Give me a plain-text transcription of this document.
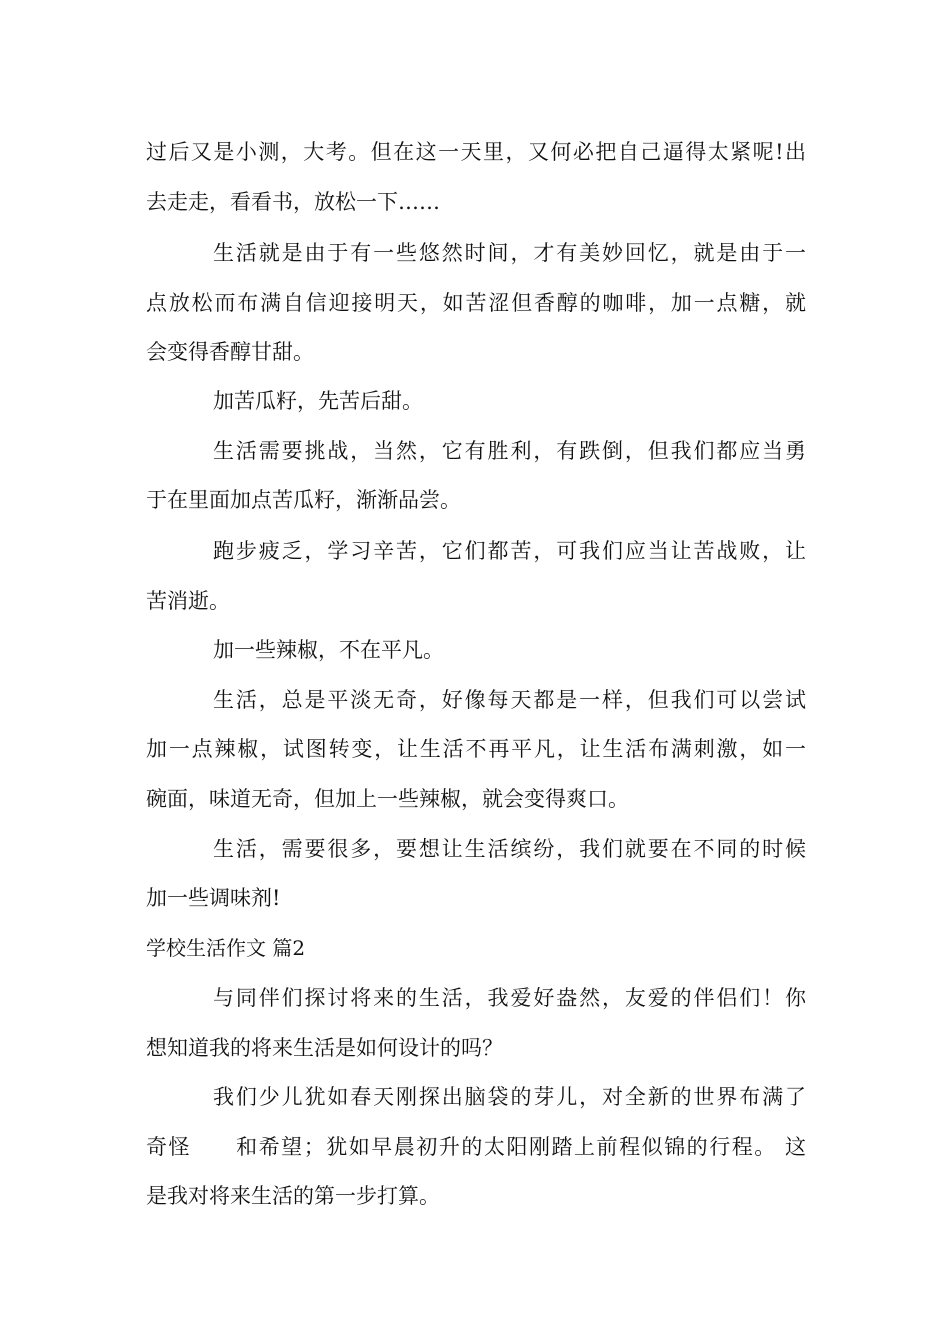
过后又是小测，大考。但在这一天里，又何必把自己逼得太紧呢!出
去走走，看看书，放松一下……
生活就是由于有一些悠然时间，才有美妙回忆，就是由于一
点放松而布满自信迎接明天，如苦涩但香醇的咖啡，加一点糖，就
会变得香醇甘甜。
加苦瓜籽，先苦后甜。
生活需要挑战，当然，它有胜利，有跌倒，但我们都应当勇
于在里面加点苦瓜籽，渐渐品尝。
跑步疲乏，学习辛苦，它们都苦，可我们应当让苦战败，让
苦消逝。
加一些辣椒，不在平凡。
生活，总是平淡无奇，好像每天都是一样，但我们可以尝试
加一点辣椒，试图转变，让生活不再平凡，让生活布满刺激，如一
碗面，味道无奇，但加上一些辣椒，就会变得爽口。
生活，需要很多，要想让生活缤纷，我们就要在不同的时候
加一些调味剂!
学校生活作文 篇2
与同伴们探讨将来的生活，我爱好盎然，友爱的伴侣们！你
想知道我的将来生活是如何设计的吗？
我们少儿犹如春天刚探出脑袋的芽儿，对全新的世界布满了
奇怪　　和希望；犹如早晨初升的太阳刚踏上前程似锦的行程。 这
是我对将来生活的第一步打算。
